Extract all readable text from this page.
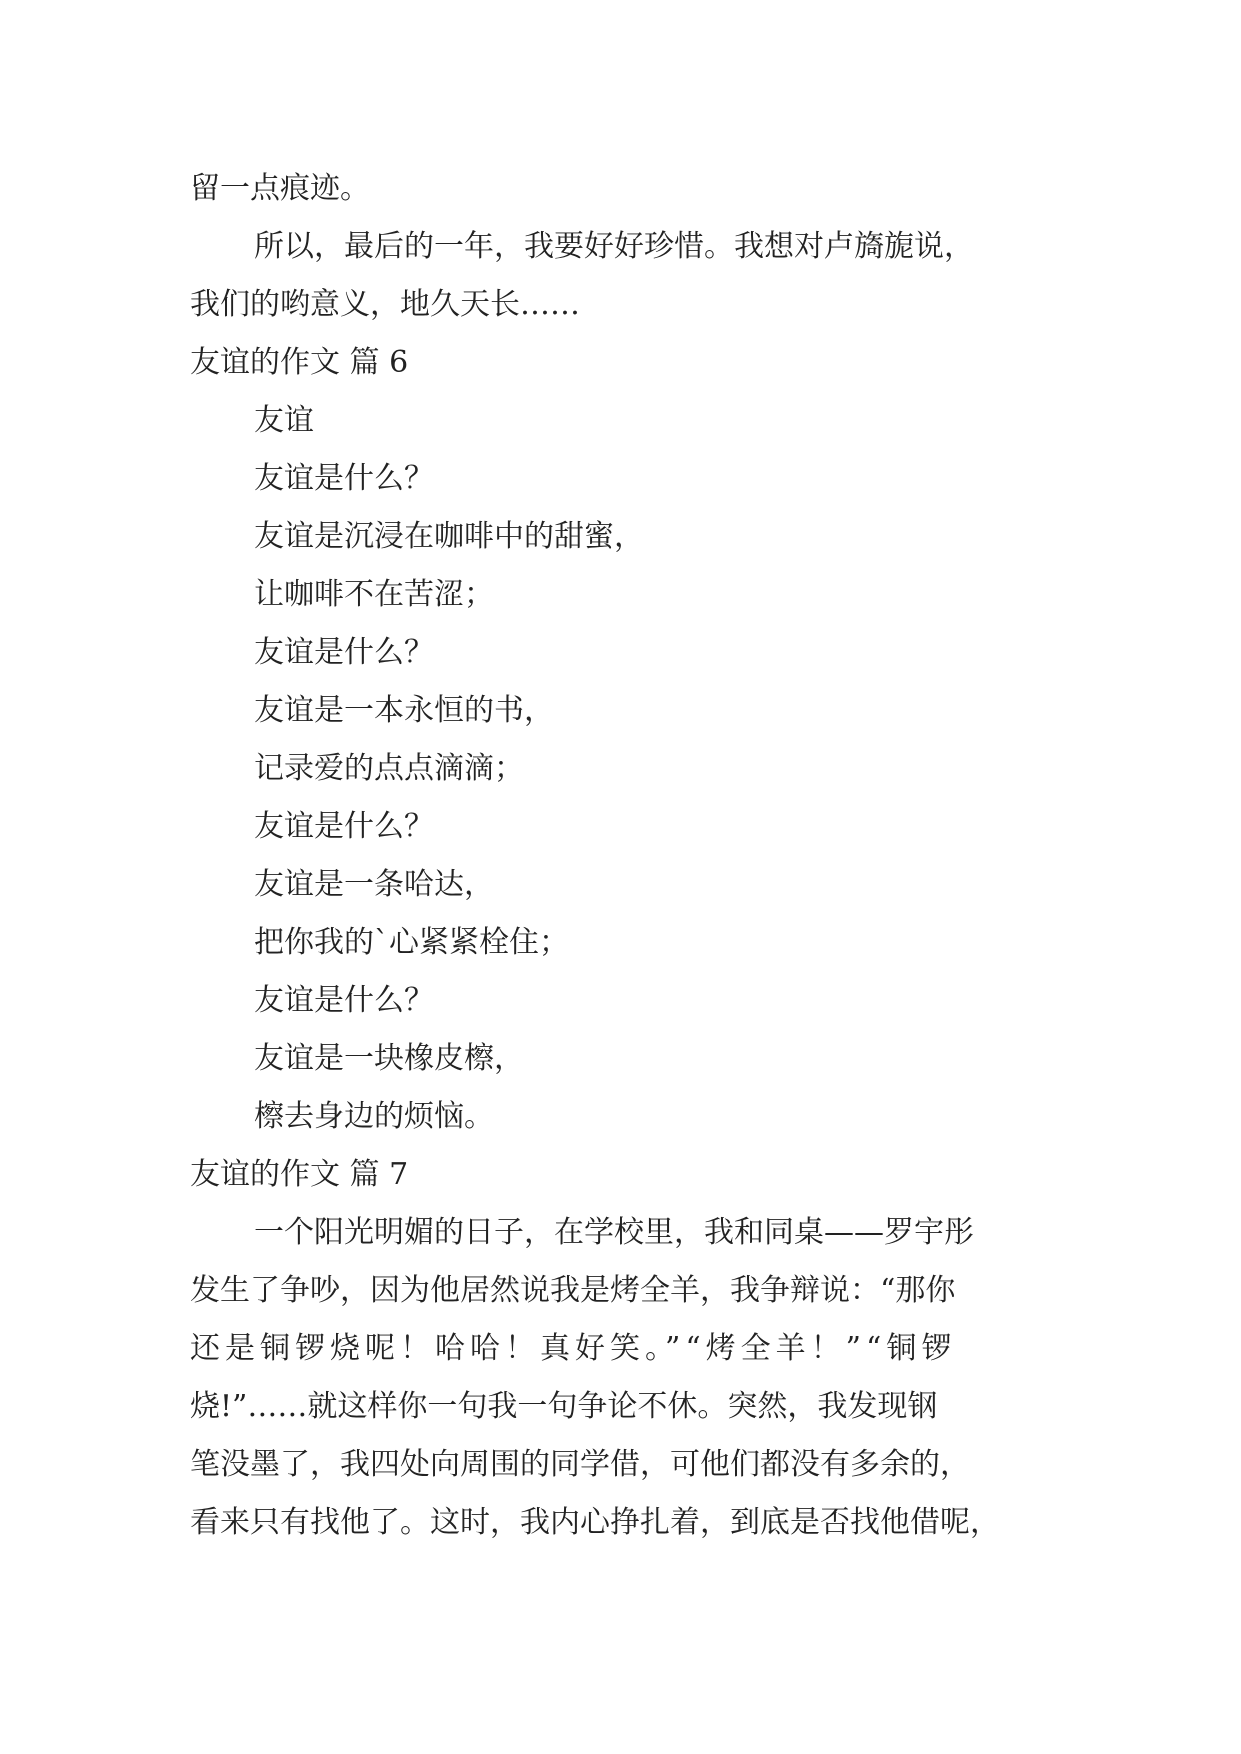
留一点痕迹。
所以，最后的一年，我要好好珍惜。我想对卢旖旎说，
我们的哟意义，地久天长……
友谊的作文 篇 6
友谊
友谊是什么？
友谊是沉浸在咖啡中的甜蜜，
让咖啡不在苦涩；
友谊是什么？
友谊是一本永恒的书，
记录爱的点点滴滴；
友谊是什么？
友谊是一条哈达，
把你我的`心紧紧栓住；
友谊是什么？
友谊是一块橡皮檫，
檫去身边的烦恼。
友谊的作文 篇 7
一个阳光明媚的日子，在学校里，我和同桌——罗宇彤
发生了争吵，因为他居然说我是烤全羊，我争辩说：“那你
还是铜锣烧呢！哈哈！真好笑。”“烤全羊！”“铜锣
烧!”……就这样你一句我一句争论不休。突然，我发现钢
笔没墨了，我四处向周围的同学借，可他们都没有多余的，
看来只有找他了。这时，我内心挣扎着，到底是否找他借呢，
